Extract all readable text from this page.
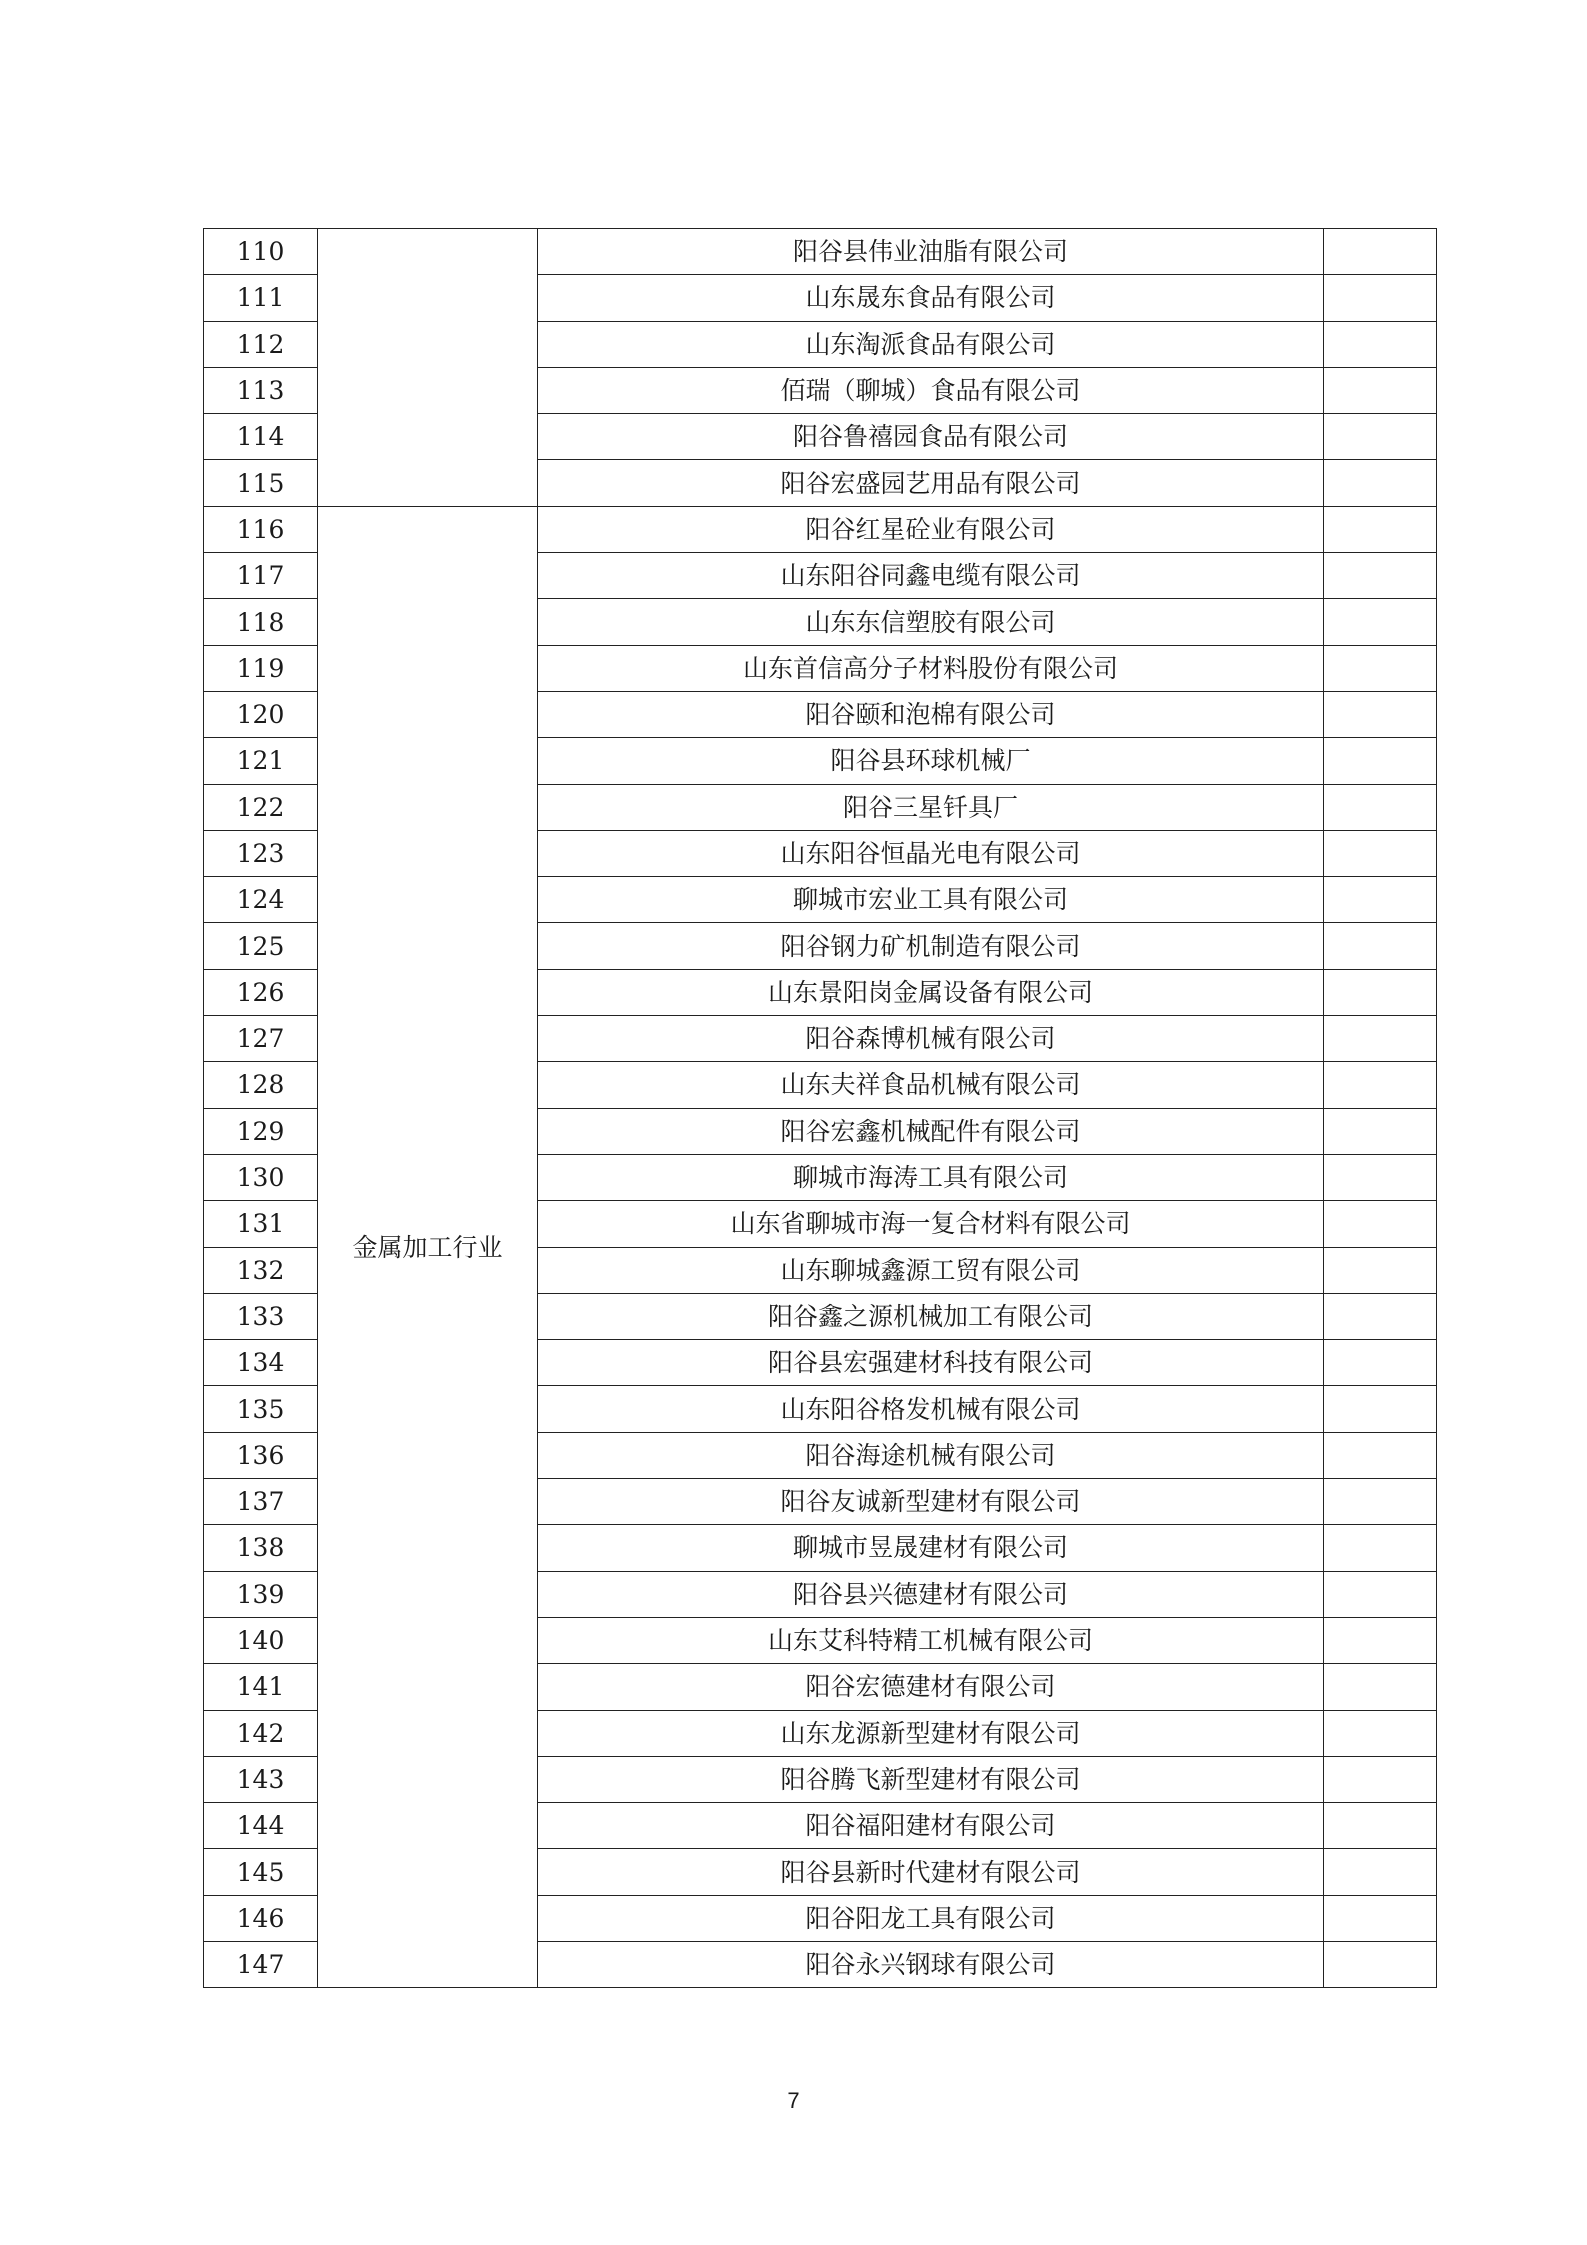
110		阳谷县伟业油脂有限公司	
111		山东晟东食品有限公司	
112		山东淘派食品有限公司	
113		佰瑞（聊城）食品有限公司	
114		阳谷鲁禧园食品有限公司	
115		阳谷宏盛园艺用品有限公司	
116	金属加工行业	阳谷红星砼业有限公司	
117		山东阳谷同鑫电缆有限公司	
118		山东东信塑胶有限公司	
119		山东首信高分子材料股份有限公司	
120		阳谷颐和泡棉有限公司	
121		阳谷县环球机械厂	
122		阳谷三星钎具厂	
123		山东阳谷恒晶光电有限公司	
124		聊城市宏业工具有限公司	
125		阳谷钢力矿机制造有限公司	
126		山东景阳岗金属设备有限公司	
127		阳谷森博机械有限公司	
128		山东夫祥食品机械有限公司	
129		阳谷宏鑫机械配件有限公司	
130		聊城市海涛工具有限公司	
131		山东省聊城市海一复合材料有限公司	
132		山东聊城鑫源工贸有限公司	
133		阳谷鑫之源机械加工有限公司	
134		阳谷县宏强建材科技有限公司	
135		山东阳谷格发机械有限公司	
136		阳谷海途机械有限公司	
137		阳谷友诚新型建材有限公司	
138		聊城市昱晟建材有限公司	
139		阳谷县兴德建材有限公司	
140		山东艾科特精工机械有限公司	
141		阳谷宏德建材有限公司	
142		山东龙源新型建材有限公司	
143		阳谷腾飞新型建材有限公司	
144		阳谷福阳建材有限公司	
145		阳谷县新时代建材有限公司	
146		阳谷阳龙工具有限公司	
147		阳谷永兴钢球有限公司	
7
